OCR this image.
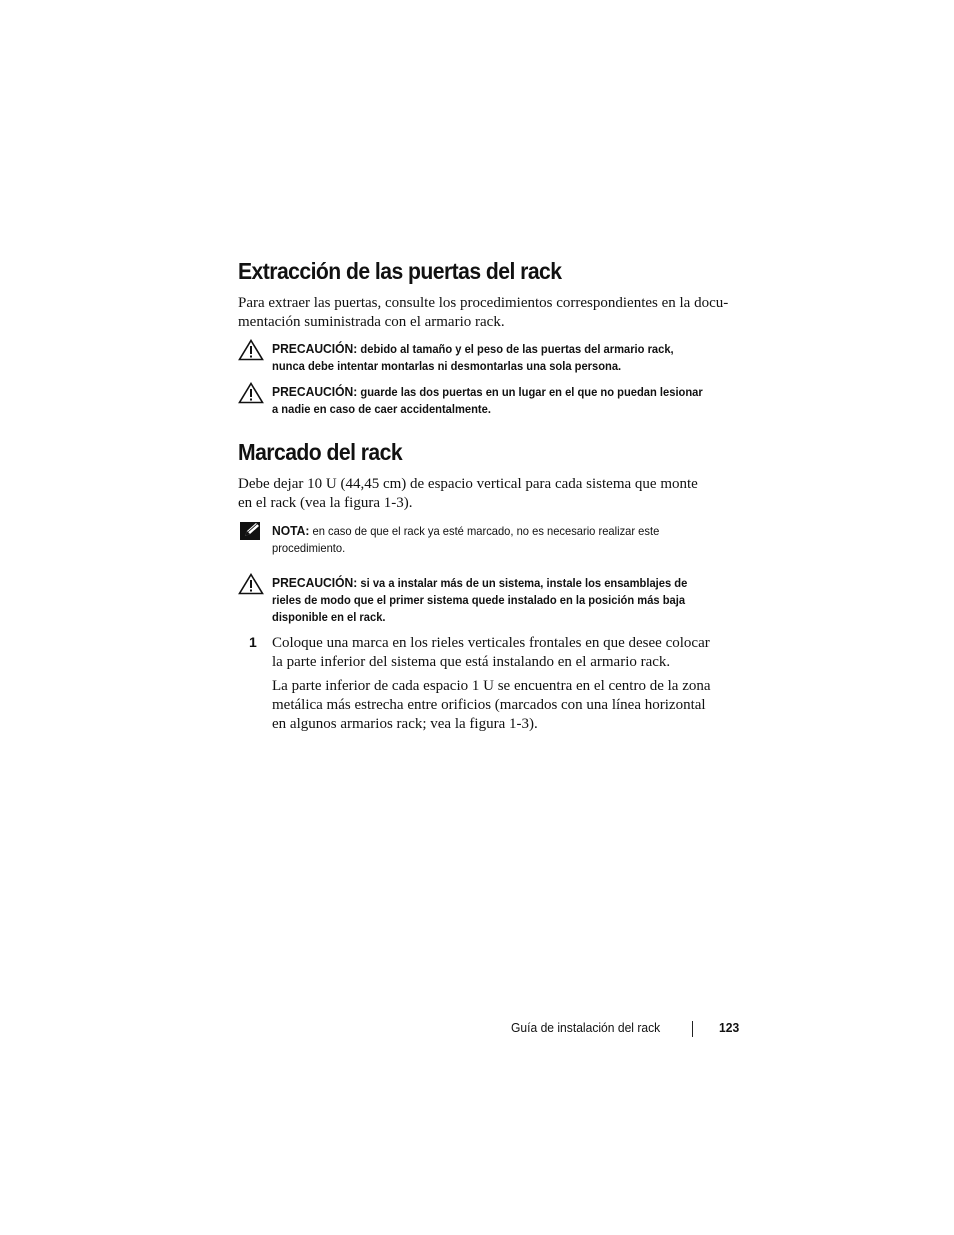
Extracción de las puertas del rack

Para extraer las puertas, consulte los procedimientos correspondientes en la docu-
mentación suministrada con el armario rack.

PRECAUCIÓN: debido al tamaño y el peso de las puertas del armario rack,
nunca debe intentar montarlas ni desmontarlas una sola persona.

PRECAUCIÓN: guarde las dos puertas en un lugar en el que no puedan lesionar
a nadie en caso de caer accidentalmente.

Marcado del rack

Debe dejar 10 U (44,45 cm) de espacio vertical para cada sistema que monte
en el rack (vea la figura 1-3).

NOTA: en caso de que el rack ya esté marcado, no es necesario realizar este
procedimiento.

PRECAUCIÓN: si va a instalar más de un sistema, instale los ensamblajes de
rieles de modo que el primer sistema quede instalado en la posición más baja
disponible en el rack.

1 Coloque una marca en los rieles verticales frontales en que desee colocar
la parte inferior del sistema que está instalando en el armario rack.

La parte inferior de cada espacio 1 U se encuentra en el centro de la zona
metálica más estrecha entre orificios (marcados con una línea horizontal
en algunos armarios rack; vea la figura 1-3).

Guía de instalación del rack	123
